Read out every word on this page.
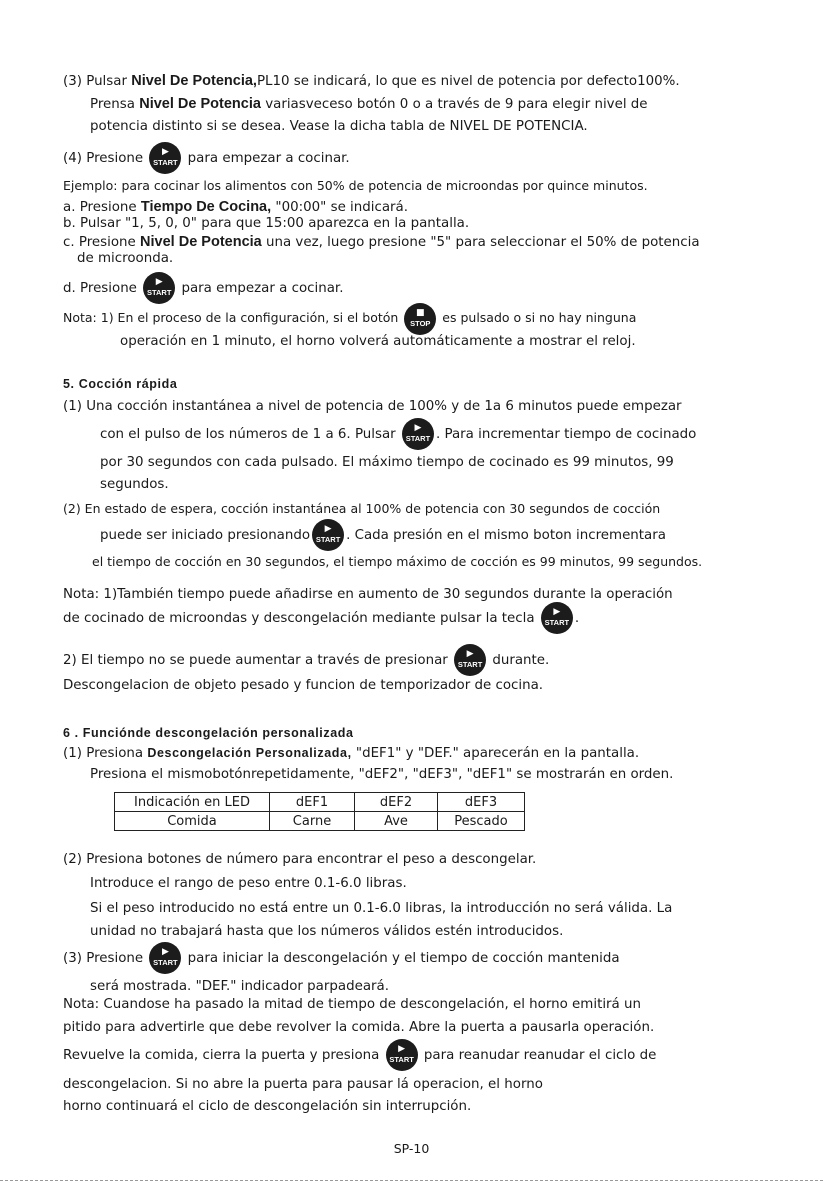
(3) Pulsar Nivel De Potencia,PL10 se indicará, lo que es nivel de potencia por defecto100%.
Prensa Nivel De Potencia variasveceso botón 0 o a través de 9 para elegir nivel de
potencia distinto si se desea. Vease la dicha tabla de NIVEL DE POTENCIA.
(4) Presione	▶
START para empezar a cocinar.
Ejemplo: para cocinar los alimentos con 50% de potencia de microondas por quince minutos.
a. Presione Tiempo De Cocina, "00:00" se indicará.
b. Pulsar "1, 5, 0, 0" para que 15:00 aparezca en la pantalla.
c. Presione Nivel De Potencia una vez, luego presione "5" para seleccionar el 50% de potencia
de microonda.
d. Presione	▶
START para empezar a cocinar.
Nota: 1) En el proceso de la configuración, si el botón	■
STOP es pulsado o si no hay ninguna
operación en 1 minuto, el horno volverá automáticamente a mostrar el reloj.
5. Cocción rápida
(1) Una cocción instantánea a nivel de potencia de 100% y de 1a 6 minutos puede empezar
con el pulso de los números de 1 a 6. Pulsar	▶
START . Para incrementar tiempo de cocinado
por 30 segundos con cada pulsado. El máximo tiempo de cocinado es 99 minutos, 99
segundos.
(2) En estado de espera, cocción instantánea al 100% de potencia con 30 segundos de cocción
puede ser iniciado presionando	▶
START . Cada presión en el mismo boton incrementara
el tiempo de cocción en 30 segundos, el tiempo máximo de cocción es 99 minutos, 99 segundos.
Nota: 1)También tiempo puede añadirse en aumento de 30 segundos durante la operación
de cocinado de microondas y descongelación mediante pulsar la tecla	▶
START .
2) El tiempo no se puede aumentar a través de presionar	▶
START durante.
Descongelacion de objeto pesado y funcion de temporizador de cocina.
6 . Funciónde descongelación personalizada
(1) Presiona Descongelación Personalizada, "dEF1" y "DEF." aparecerán en la pantalla.
Presiona el mismobotónrepetidamente, "dEF2", "dEF3", "dEF1" se mostrarán en orden.
Indicación en LED	dEF1	dEF2	dEF3
Comida	Carne	Ave	Pescado
(2) Presiona botones de número para encontrar el peso a descongelar.
Introduce el rango de peso entre 0.1-6.0 libras.
Si el peso introducido no está entre un 0.1-6.0 libras, la introducción no será válida. La
unidad no trabajará hasta que los números válidos estén introducidos.
(3) Presione	▶
START para iniciar la descongelación y el tiempo de cocción mantenida
será mostrada. "DEF." indicador parpadeará.
Nota: Cuandose ha pasado la mitad de tiempo de descongelación, el horno emitirá un
pitido para advertirle que debe revolver la comida. Abre la puerta a pausarla operación.
Revuelve la comida, cierra la puerta y presiona	▶
START para reanudar reanudar el ciclo de
descongelacion. Si no abre la puerta para pausar lá operacion, el horno
horno continuará el ciclo de descongelación sin interrupción.
SP-10
